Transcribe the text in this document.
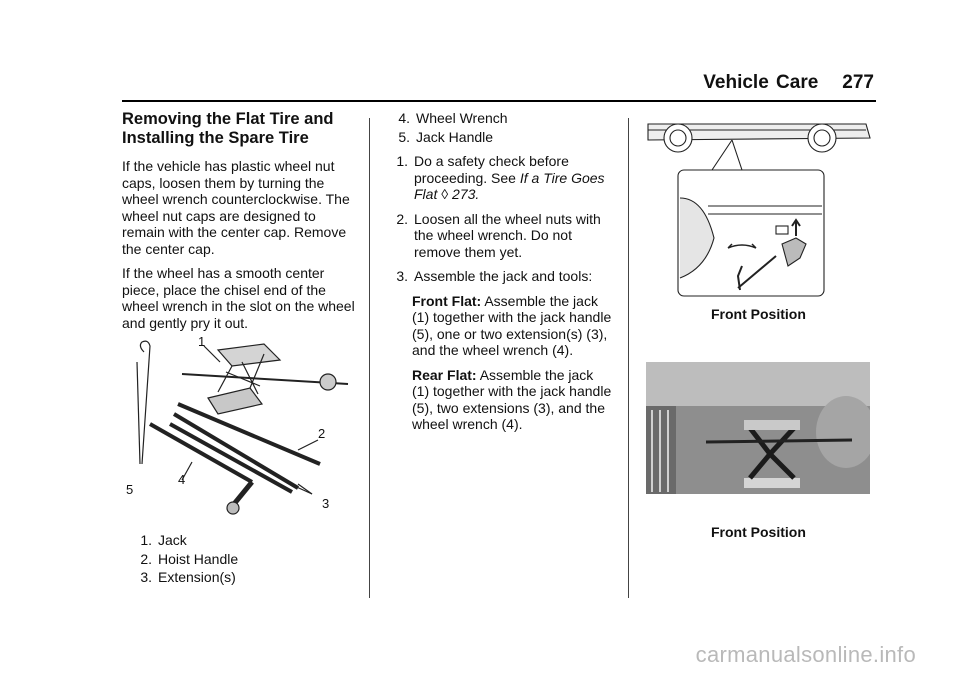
Vehicle Care 277
Removing the Flat Tire and Installing the Spare Tire

If the vehicle has plastic wheel nut caps, loosen them by turning the wheel wrench counterclockwise. The wheel nut caps are designed to remain with the center cap. Remove the center cap.

If the wheel has a smooth center piece, place the chisel end of the wheel wrench in the slot on the wheel and gently pry it out.

1
2
3
4
5
1. Jack
2. Hoist Handle
3. Extension(s)
4. Wheel Wrench
5. Jack Handle
1. Do a safety check before proceeding. See If a Tire Goes Flat ◊ 273.
2. Loosen all the wheel nuts with the wheel wrench. Do not remove them yet.
3. Assemble the jack and tools:

Front Flat: Assemble the jack (1) together with the jack handle (5), one or two extension(s) (3), and the wheel wrench (4).

Rear Flat: Assemble the jack (1) together with the jack handle (5), two extensions (3), and the wheel wrench (4).

Front Position
Front Position
carmanualsonline.info
